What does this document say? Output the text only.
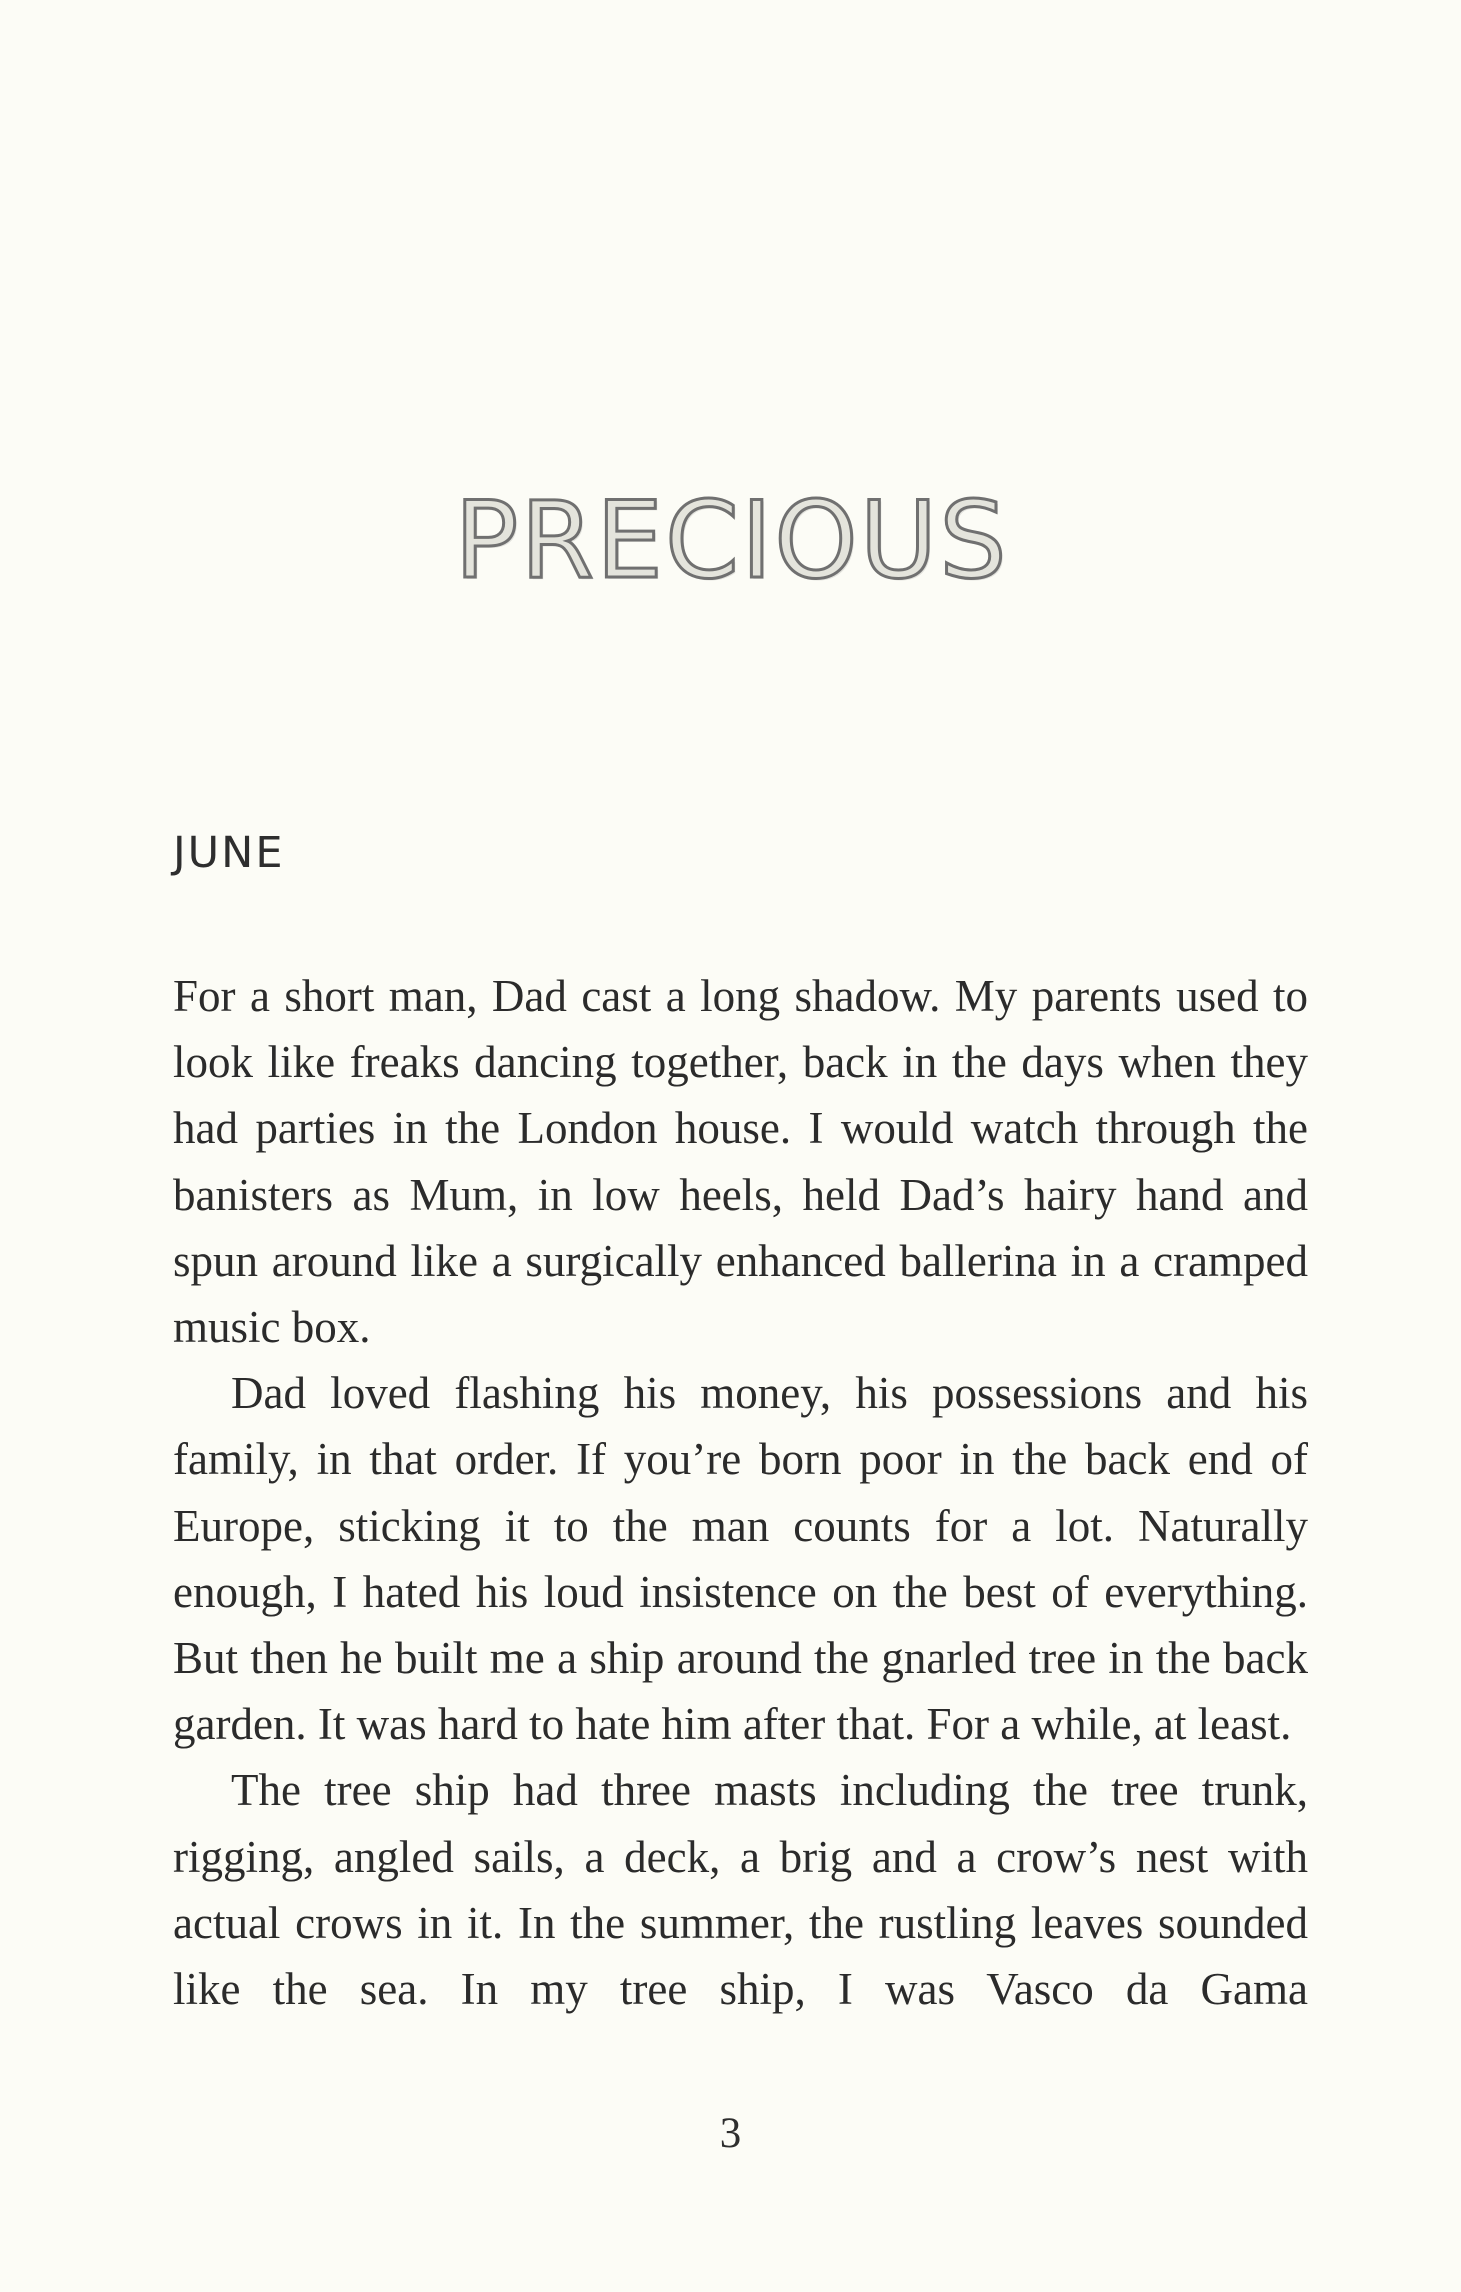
PRECIOUS
JUNE

For a short man, Dad cast a long shadow. My parents used to look like freaks dancing together, back in the days when they had parties in the London house. I would watch through the banisters as Mum, in low heels, held Dad’s hairy hand and spun around like a surgically enhanced ballerina in a cramped music box.

Dad loved flashing his money, his possessions and his family, in that order. If you’re born poor in the back end of Europe, sticking it to the man counts for a lot. Naturally enough, I hated his loud insistence on the best of everything. But then he built me a ship around the gnarled tree in the back garden. It was hard to hate him after that. For a while, at least.

The tree ship had three masts including the tree trunk, rigging, angled sails, a deck, a brig and a crow’s nest with actual crows in it. In the summer, the rustling leaves sounded like the sea. In my tree ship, I was Vasco da Gama

3
